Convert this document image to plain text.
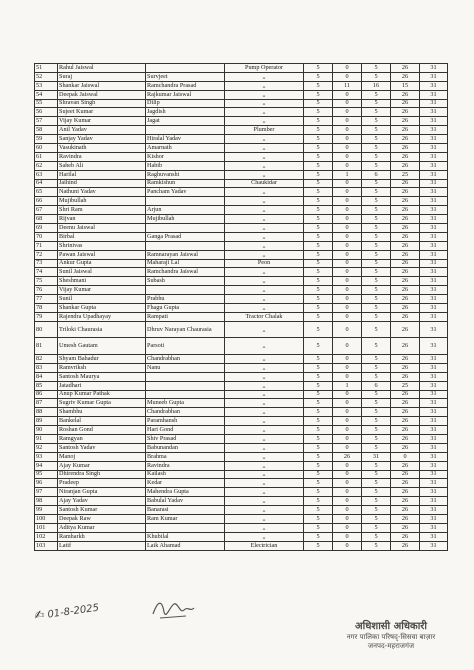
51	Rahul Jaiswal		Pump Operator	5	0	5	26	31
52	Suraj	Survjeet	,,	5	0	5	26	31
53	Shankar Jaiswal	Ramchandra Prasad	,,	5	11	16	15	31
54	Deepak Jaiswal	Rajkumar Jaiswal	,,	5	0	5	26	31
55	Shravan Singh	Dilip	,,	5	0	5	26	31
56	Sujeet Kumar	Jagdish	,,	5	0	5	26	31
57	Vijay Kumar	Jagat	,,	5	0	5	26	31
58	Anil Yadav		Plumber	5	0	5	26	31
59	Sanjay Yadav	Hiralal Yadav	,,	5	0	5	26	31
60	Vasukinath	Amarnath	,,	5	0	5	26	31
61	Ravindra	Kishor	,,	5	0	5	26	31
62	Saheb Ali	Habib	,,	5	0	5	26	31
63	Harilal	Raghuvanshi	,,	5	1	6	25	31
64	Jaihind	Ramkishun	Chaukidar	5	0	5	26	31
65	Nathuni Yadav	Pancham Yadav	,,	5	0	5	26	31
66	Mujibullah		,,	5	0	5	26	31
67	Shri Ram	Arjun	,,	5	0	5	26	31
68	Rijvan	Mujibullah	,,	5	0	5	26	31
69	Deenu Jaiswal		,,	5	0	5	26	31
70	Birbal	Ganga Prasad	,,	5	0	5	26	31
71	Shrinivas		,,	5	0	5	26	31
72	Pawan Jaiswal	Ramnarayan Jaiswal	,,	5	0	5	26	31
73	Ankur Gupta	Maharaji Lal	Peon	5	0	5	26	31
74	Sunil Jaiswal	Ramchandra Jaiswal	,,	5	0	5	26	31
75	Sheshmani	Subash	,,	5	0	5	26	31
76	Vijay Kumar		,,	5	0	5	26	31
77	Sunil	Prabhu	,,	5	0	5	26	31
78	Shankar Gupta	Fhagu Gupta	,,	5	0	5	26	31
79	Rajendra Upadhayay	Rampati	Tractor Chalak	5	0	5	26	31
80	Triloki Chaurasia	Dhruv Narayan Chaurasia	,,	5	0	5	26	31
81	Umesh Gautam	Parsoti	,,	5	0	5	26	31
82	Shyam Bahadur	Chandrabhan	,,	5	0	5	26	31
83	Ramvriksh	Nanu	,,	5	0	5	26	31
84	Santosh Maurya		,,	5	0	5	26	31
85	Jatadhari		,,	5	1	6	25	31
86	Anup Kumar Pathak		,,	5	0	5	26	31
87	Sugriv Kumar Gupta	Muneeb Gupta	,,	5	0	5	26	31
88	Shambhu	Chandrabhan	,,	5	0	5	26	31
89	Bankelal	Paramhansh	,,	5	0	5	26	31
90	Roshan Gond	Hari Gond	,,	5	0	5	26	31
91	Ramgyan	Shiv Prasad	,,	5	0	5	26	31
92	Santosh Yadav	Babunandan	,,	5	0	5	26	31
93	Manoj	Brahma	,,	5	26	31	0	31
94	Ajay Kumar	Ravindra	,,	5	0	5	26	31
95	Dhirendra Singh	Kailash	,,	5	0	5	26	31
96	Pradeep	Kedar	,,	5	0	5	26	31
97	Niranjan Gupta	Mahendra Gupta	,,	5	0	5	26	31
98	Ajay Yadav	Babulal Yadav	,,	5	0	5	26	31
99	Santosh Kumar	Banarasi	,,	5	0	5	26	31
100	Deepak Raw	Ram Kumar	,,	5	0	5	26	31
101	Aditya Kumar		,,	5	0	5	26	31
102	Ramharkh	Khubilal	,,	5	0	5	26	31
103	Latif	Laik Ahamad	Electrician	5	0	5	26	31
✍ 01-8-2025
अधिशासी अधिकारी
नगर पालिका परिषद्-सिसवा बाज़ार
जनपद-महराजगंज
